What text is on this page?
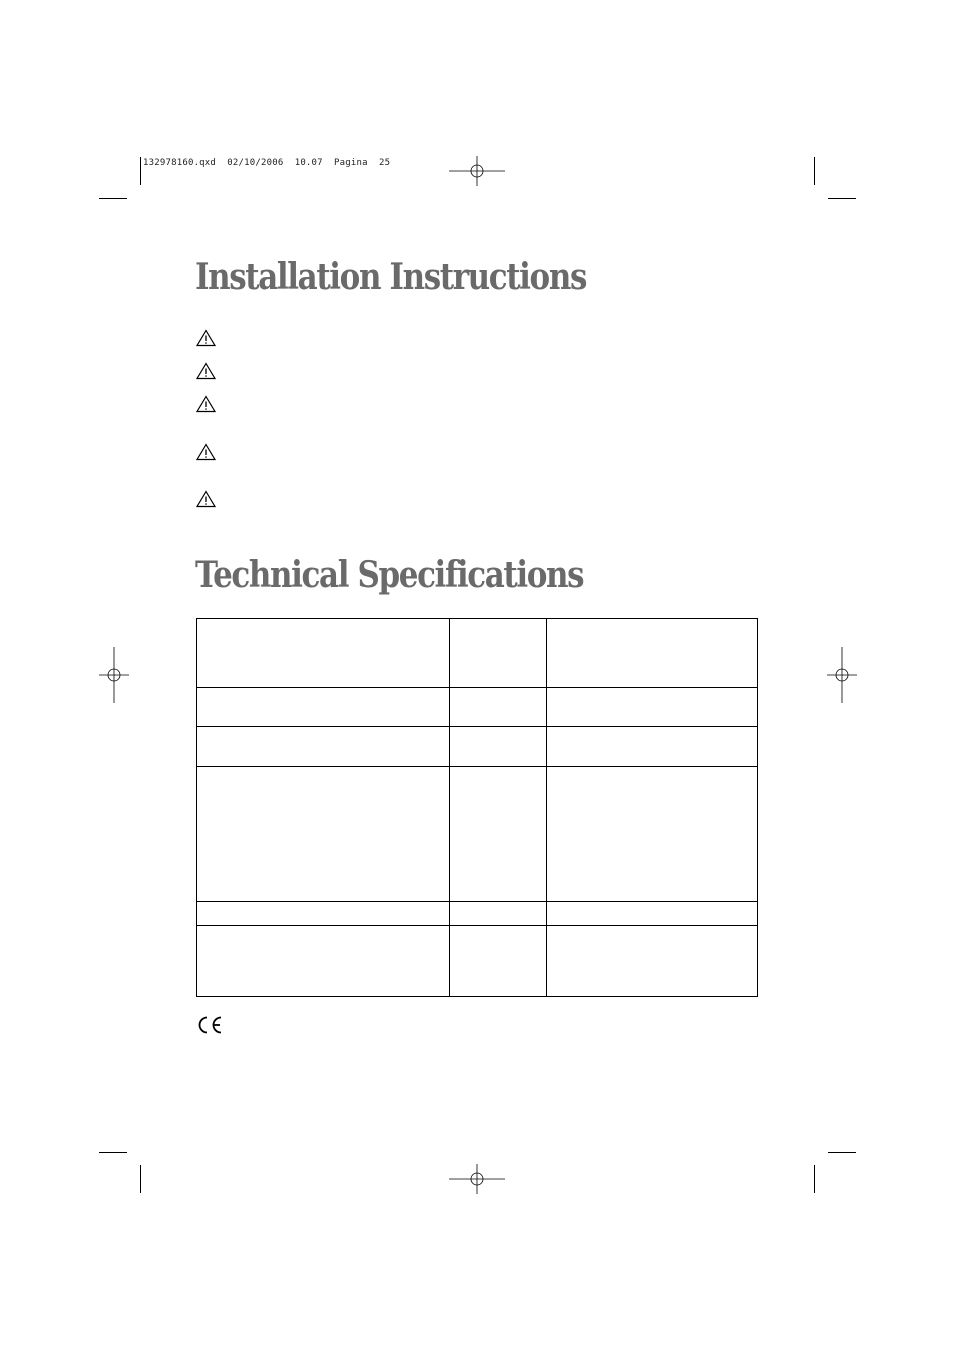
132978160.qxd  02/10/2006  10.07  Pagina  25
Installation Instructions
Technical Specifications
